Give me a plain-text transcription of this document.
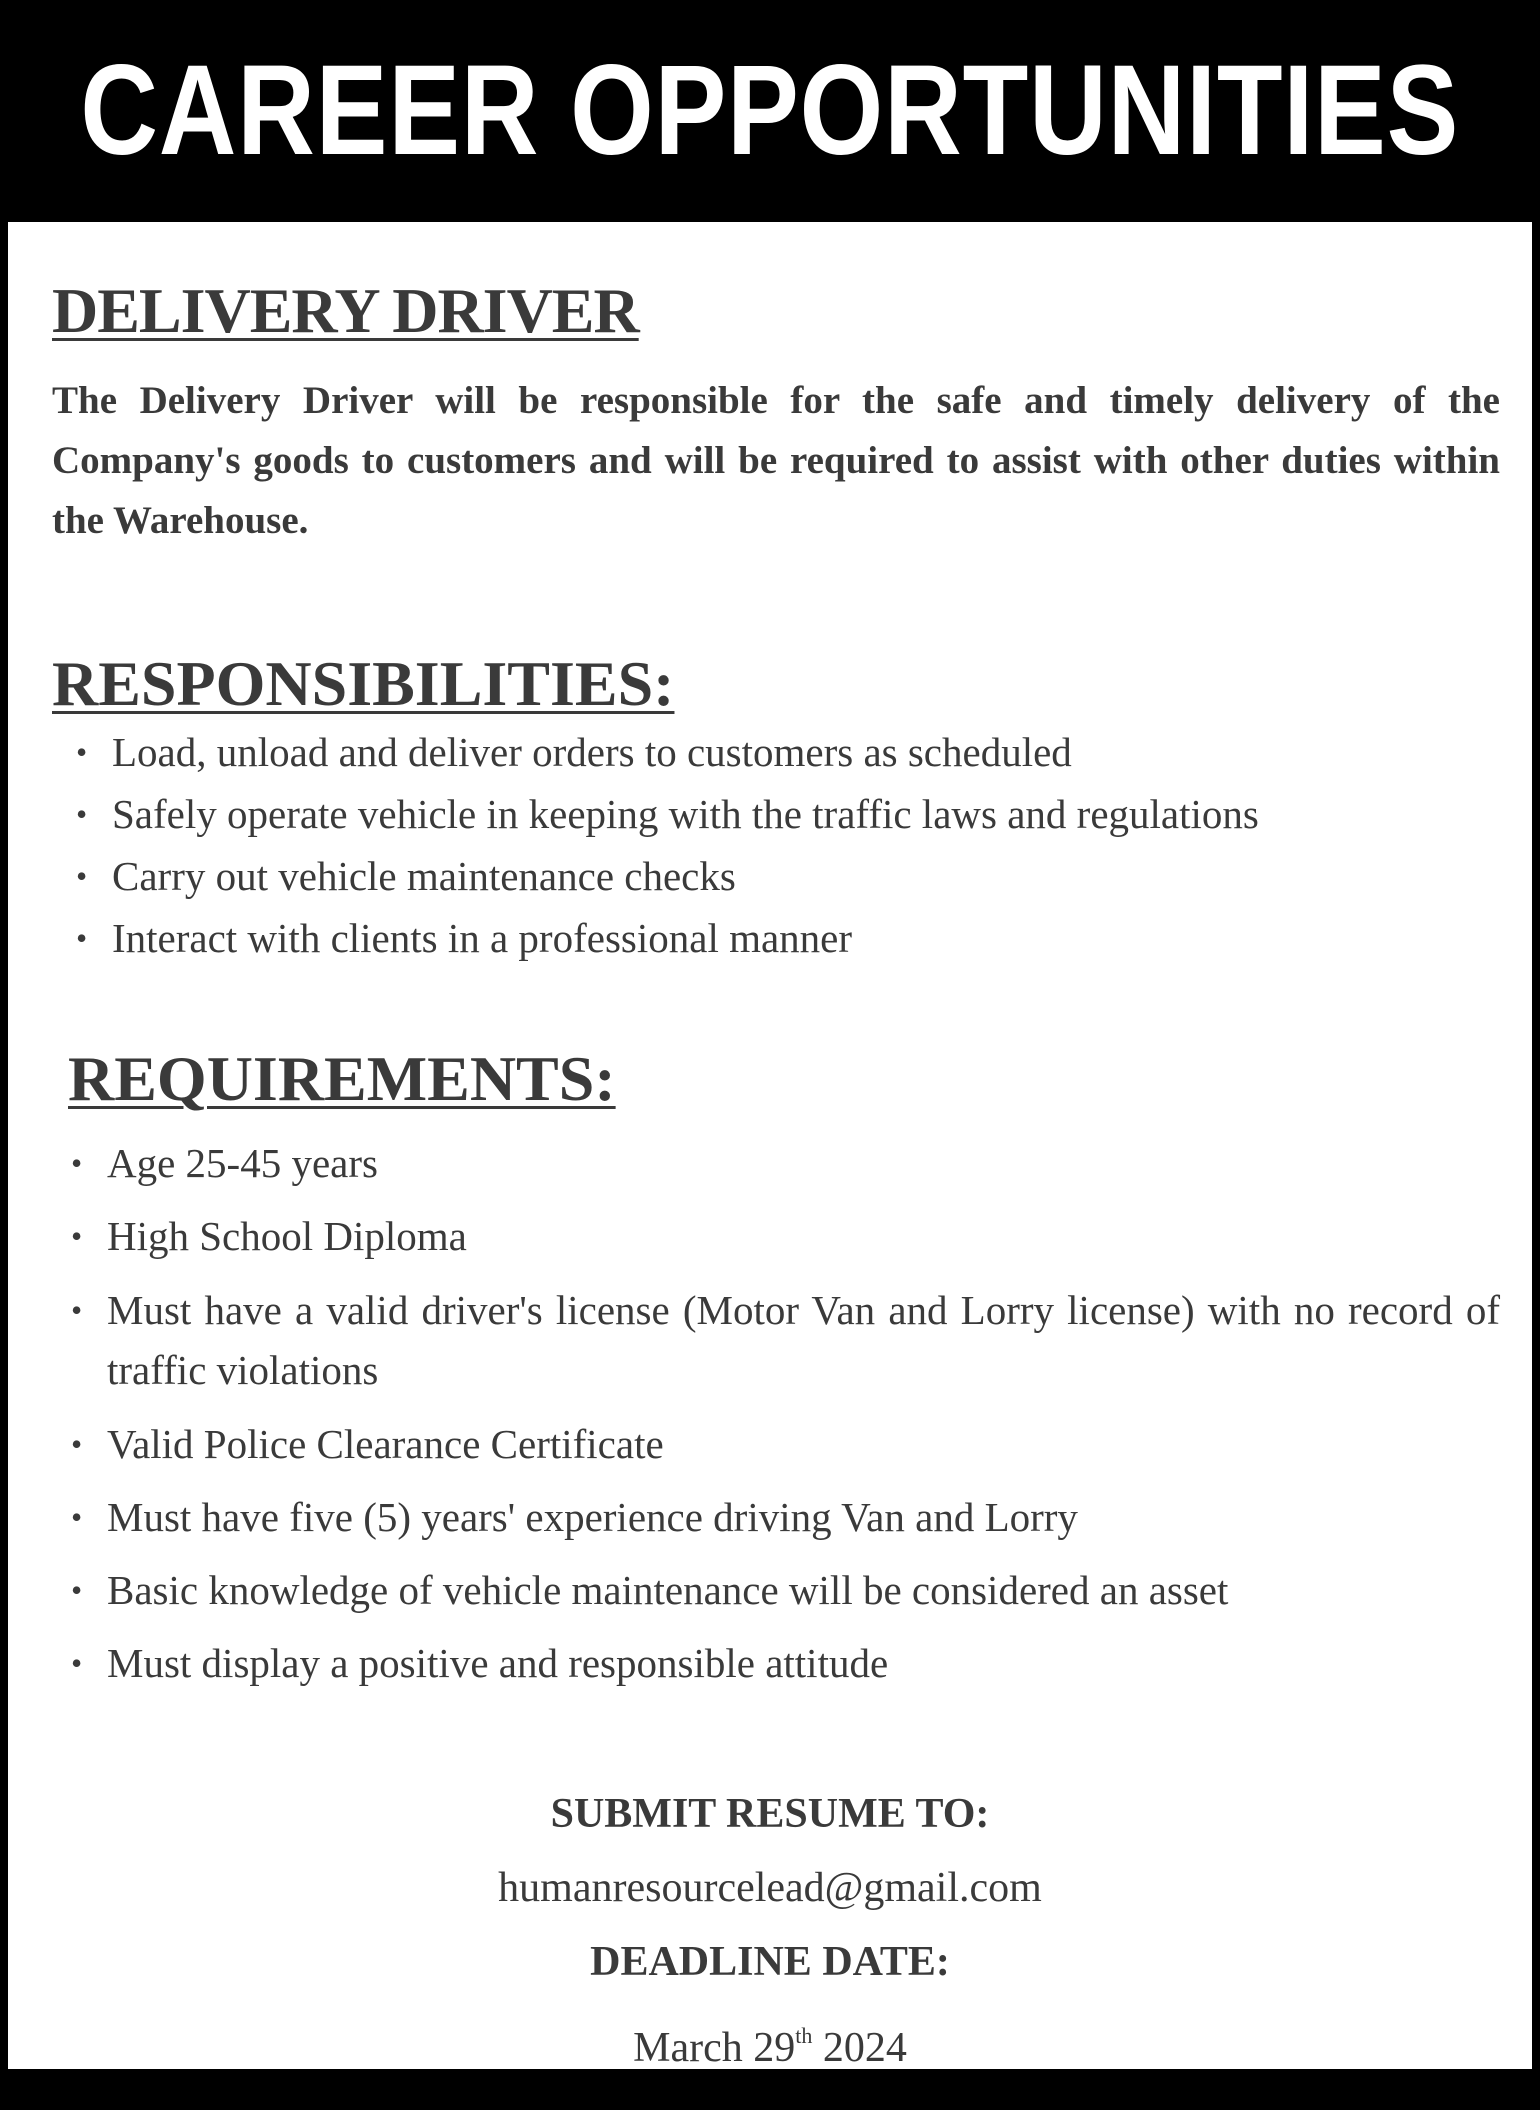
CAREER OPPORTUNITIES
DELIVERY DRIVER
The Delivery Driver will be responsible for the safe and timely delivery of the Company's goods to customers and will be required to assist with other duties within the Warehouse.
RESPONSIBILITIES:
• Load, unload and deliver orders to customers as scheduled
• Safely operate vehicle in keeping with the traffic laws and regulations
• Carry out vehicle maintenance checks
• Interact with clients in a professional manner
REQUIREMENTS:
• Age 25-45 years
• High School Diploma
• Must have a valid driver's license (Motor Van and Lorry license) with no record of traffic violations
• Valid Police Clearance Certificate
• Must have five (5) years' experience driving Van and Lorry
• Basic knowledge of vehicle maintenance will be considered an asset
• Must display a positive and responsible attitude
SUBMIT RESUME TO:
humanresourcelead@gmail.com
DEADLINE DATE:
March 29th 2024
